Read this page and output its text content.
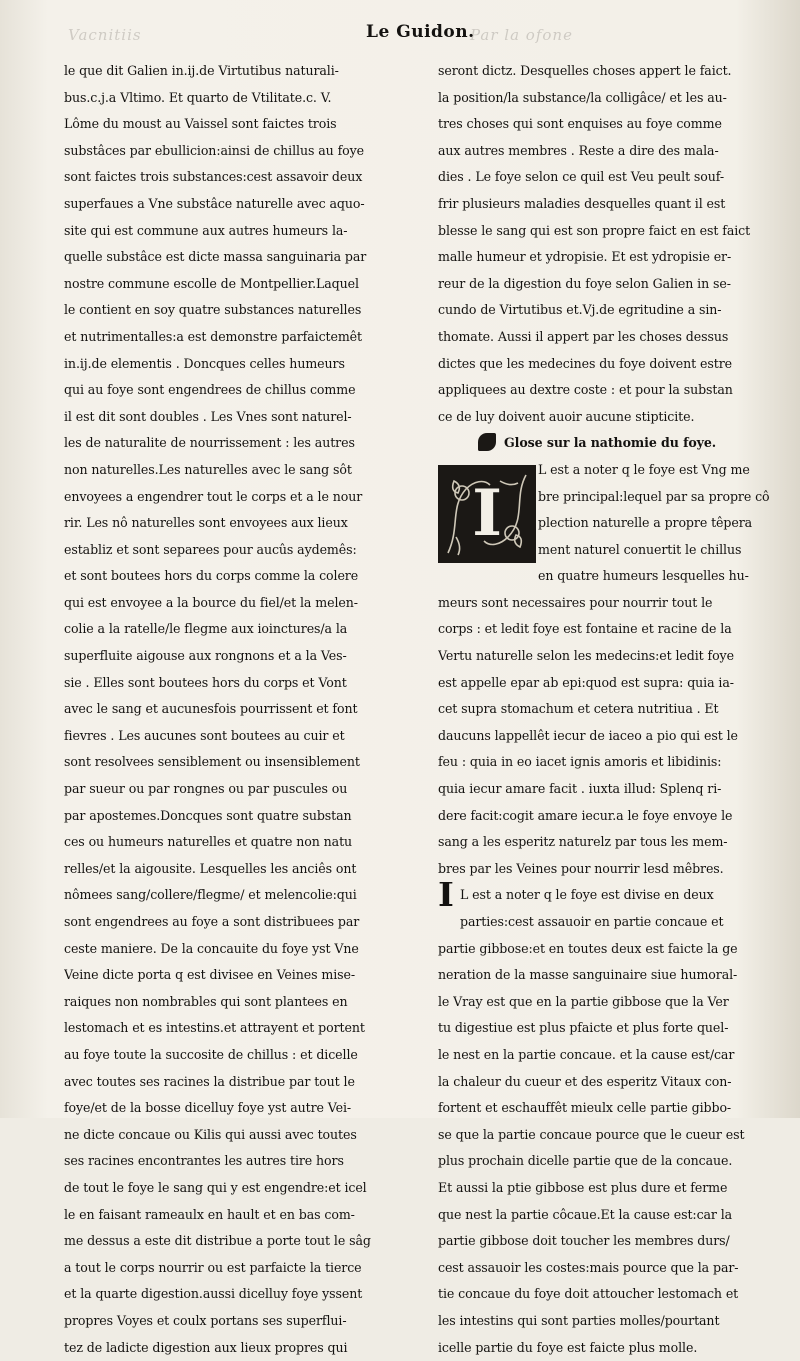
Vacnitiis	Par la ofone
Le Guidon.
le que dit Galien in.ij.de Virtutibus naturali-
bus.c.j.a Vltimo. Et quarto de Vtilitate.c. V.
Lôme du moust au Vaissel sont faictes trois
substâces par ebullicion:ainsi de chillus au foye
sont faictes trois substances:cest assavoir deux
superfaues a Vne substâce naturelle avec aquo-
site qui est commune aux autres humeurs la-
quelle substâce est dicte massa sanguinaria par
nostre commune escolle de Montpellier.Laquel
le contient en soy quatre substances naturelles
et nutrimentalles:a est demonstre parfaictemêt
in.ij.de elementis . Doncques celles humeurs
qui au foye sont engendrees de chillus comme
il est dit sont doubles . Les Vnes sont naturel-
les de naturalite de nourrissement : les autres
non naturelles.Les naturelles avec le sang sôt
envoyees a engendrer tout le corps et a le nour
rir. Les nô naturelles sont envoyees aux lieux
establiz et sont separees pour aucûs aydemês:
et sont boutees hors du corps comme la colere
qui est envoyee a la bource du fiel/et la melen-
colie a la ratelle/le flegme aux ioinctures/a la
superfluite aigouse aux rongnons et a la Ves-
sie . Elles sont boutees hors du corps et Vont
avec le sang et aucunesfois pourrissent et font
fievres . Les aucunes sont boutees au cuir et
sont resolvees sensiblement ou insensiblement
par sueur ou par rongnes ou par puscules ou
par apostemes.Doncques sont quatre substan
ces ou humeurs naturelles et quatre non natu
relles/et la aigousite. Lesquelles les anciês ont
nômees sang/collere/flegme/ et melencolie:qui
sont engendrees au foye a sont distribuees par
ceste maniere. De la concauite du foye yst Vne
Veine dicte porta q est divisee en Veines mise-
raiques non nombrables qui sont plantees en
lestomach et es intestins.et attrayent et portent
au foye toute la succosite de chillus : et dicelle
avec toutes ses racines la distribue par tout le
foye/et de la bosse dicelluy foye yst autre Vei-
ne dicte concaue ou Kilis qui aussi avec toutes
ses racines encontrantes les autres tire hors
de tout le foye le sang qui y est engendre:et icel
le en faisant rameaulx en hault et en bas com-
me dessus a este dit distribue a porte tout le sâg
a tout le corps nourrir ou est parfaicte la tierce
et la quarte digestion.aussi dicelluy foye yssent
propres Voyes et coulx portans ses superflui-
tez de ladicte digestion aux lieux propres qui
seront dictz. Desquelles choses appert le faict.
la position/la substance/la colligâce/ et les au-
tres choses qui sont enquises au foye comme
aux autres membres . Reste a dire des mala-
dies . Le foye selon ce quil est Veu peult souf-
frir plusieurs maladies desquelles quant il est
blesse le sang qui est son propre faict en est faict
malle humeur et ydropisie. Et est ydropisie er-
reur de la digestion du foye selon Galien in se-
cundo de Virtutibus et.Vj.de egritudine a sin-
thomate. Aussi il appert par les choses dessus
dictes que les medecines du foye doivent estre
appliquees au dextre coste : et pour la substan
ce de luy doivent auoir aucune stipticite.
Glose sur la nathomie du foye.
I
L est a noter q le foye est Vng me
bre principal:lequel par sa propre cô
plection naturelle a propre têpera
ment naturel conuertit le chillus
en quatre humeurs lesquelles hu-
meurs sont necessaires pour nourrir tout le
corps : et ledit foye est fontaine et racine de la
Vertu naturelle selon les medecins:et ledit foye
est appelle epar ab epi:quod est supra: quia ia-
cet supra stomachum et cetera nutritiua . Et
daucuns lappellêt iecur de iaceo a pio qui est le
feu : quia in eo iacet ignis amoris et libidinis:
quia iecur amare facit . iuxta illud: Splenq ri-
dere facit:cogit amare iecur.a le foye envoye le
sang a les esperitz naturelz par tous les mem-
bres par les Veines pour nourrir lesd mêbres.
I L est a noter q le foye est divise en deux
parties:cest assauoir en partie concaue et
partie gibbose:et en toutes deux est faicte la ge
neration de la masse sanguinaire siue humoral-
le Vray est que en la partie gibbose que la Ver
tu digestiue est plus pfaicte et plus forte quel-
le nest en la partie concaue. et la cause est/car
la chaleur du cueur et des esperitz Vitaux con-
fortent et eschauffêt mieulx celle partie gibbo-
se que la partie concaue pource que le cueur est
plus prochain dicelle partie que de la concaue.
Et aussi la ptie gibbose est plus dure et ferme
que nest la partie côcaue.Et la cause est:car la
partie gibbose doit toucher les membres durs/
cest assauoir les costes:mais pource que la par-
tie concaue du foye doit attoucher lestomach et
les intestins qui sont parties molles/pourtant
icelle partie du foye est faicte plus molle.
